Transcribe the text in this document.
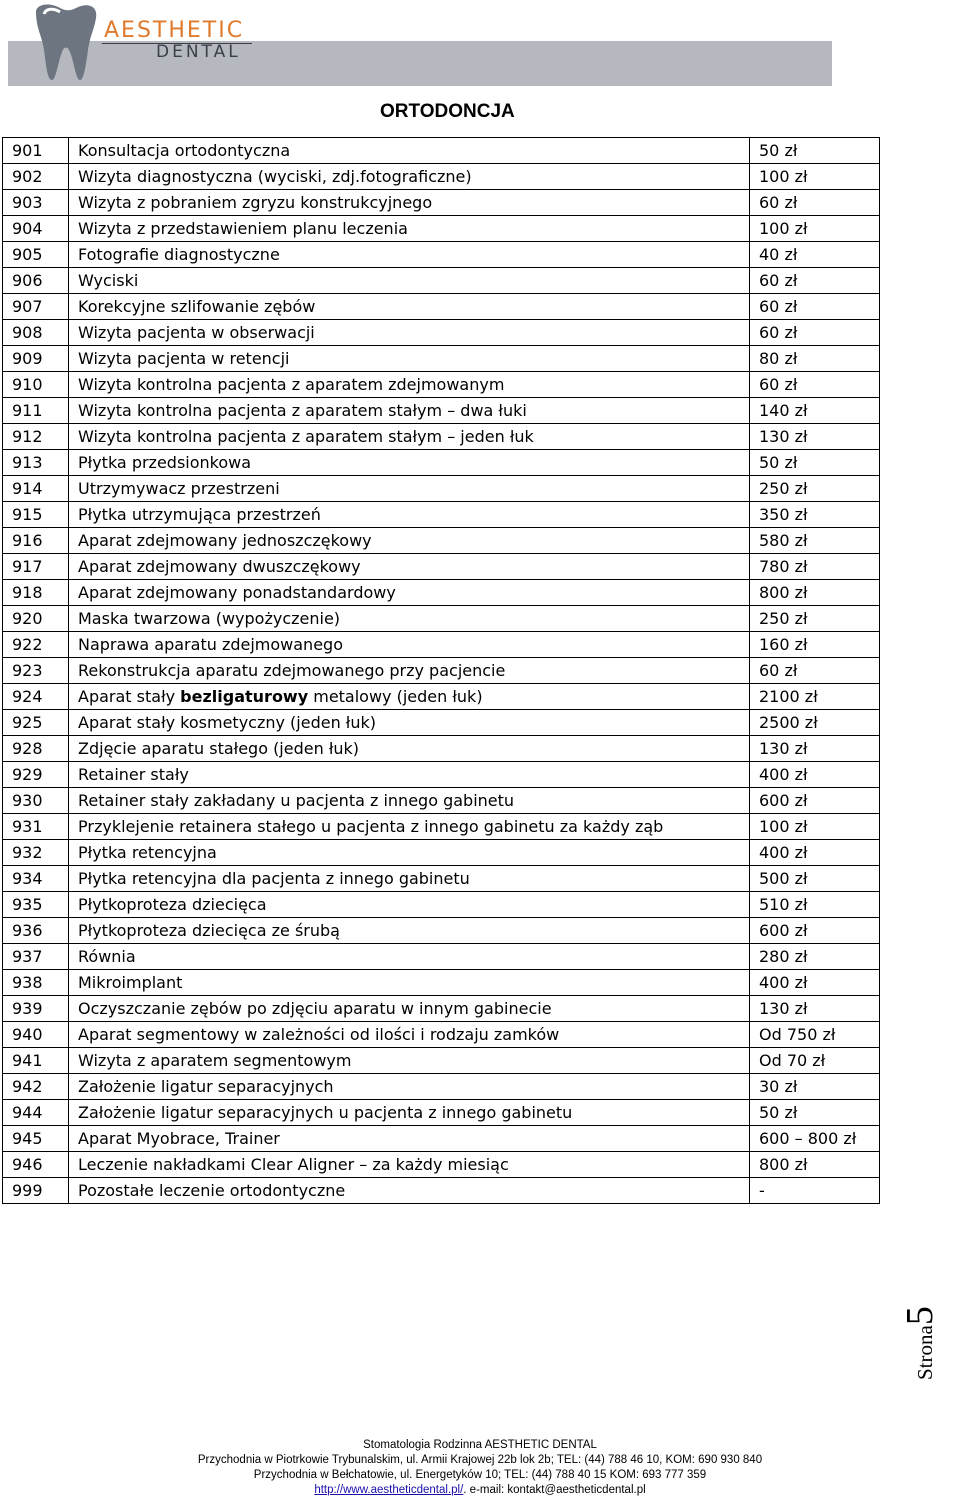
AESTHETIC
DENTAL
ORTODONCJA
901	Konsultacja ortodontyczna	50 zł
902	Wizyta diagnostyczna (wyciski, zdj.fotograficzne)	100 zł
903	Wizyta z pobraniem zgryzu konstrukcyjnego	60 zł
904	Wizyta z przedstawieniem planu leczenia	100 zł
905	Fotografie diagnostyczne	40 zł
906	Wyciski	60 zł
907	Korekcyjne szlifowanie zębów	60 zł
908	Wizyta pacjenta w obserwacji	60 zł
909	Wizyta pacjenta w retencji	80 zł
910	Wizyta kontrolna pacjenta z aparatem zdejmowanym	60 zł
911	Wizyta kontrolna pacjenta z aparatem stałym – dwa łuki	140 zł
912	Wizyta kontrolna pacjenta z aparatem stałym – jeden łuk	130 zł
913	Płytka przedsionkowa	50 zł
914	Utrzymywacz przestrzeni	250 zł
915	Płytka utrzymująca przestrzeń	350 zł
916	Aparat zdejmowany jednoszczękowy	580 zł
917	Aparat zdejmowany dwuszczękowy	780 zł
918	Aparat zdejmowany ponadstandardowy	800 zł
920	Maska twarzowa (wypożyczenie)	250 zł
922	Naprawa aparatu zdejmowanego	160 zł
923	Rekonstrukcja aparatu zdejmowanego przy pacjencie	60 zł
924	Aparat stały bezligaturowy metalowy (jeden łuk)	2100 zł
925	Aparat stały kosmetyczny (jeden łuk)	2500 zł
928	Zdjęcie aparatu stałego (jeden łuk)	130 zł
929	Retainer stały	400 zł
930	Retainer stały zakładany u pacjenta z innego gabinetu	600 zł
931	Przyklejenie retainera stałego u pacjenta z innego gabinetu za każdy ząb	100 zł
932	Płytka retencyjna	400 zł
934	Płytka retencyjna dla pacjenta z innego gabinetu	500 zł
935	Płytkoproteza dziecięca	510 zł
936	Płytkoproteza dziecięca ze śrubą	600 zł
937	Równia	280 zł
938	Mikroimplant	400 zł
939	Oczyszczanie zębów po zdjęciu aparatu w innym gabinecie	130 zł
940	Aparat segmentowy w zależności od ilości i rodzaju zamków	Od 750 zł
941	Wizyta z aparatem segmentowym	Od 70 zł
942	Założenie ligatur separacyjnych	30 zł
944	Założenie ligatur separacyjnych u pacjenta z innego gabinetu	50 zł
945	Aparat Myobrace, Trainer	600 – 800 zł
946	Leczenie nakładkami Clear Aligner – za każdy miesiąc	800 zł
999	Pozostałe leczenie ortodontyczne	-
Strona5
Stomatologia Rodzinna AESTHETIC DENTAL
Przychodnia w Piotrkowie Trybunalskim, ul. Armii Krajowej 22b lok 2b; TEL: (44) 788 46 10, KOM: 690 930 840
Przychodnia w Bełchatowie, ul. Energetyków 10; TEL: (44) 788 40 15 KOM: 693 777 359
http://www.aestheticdental.pl/. e-mail: kontakt@aestheticdental.pl
